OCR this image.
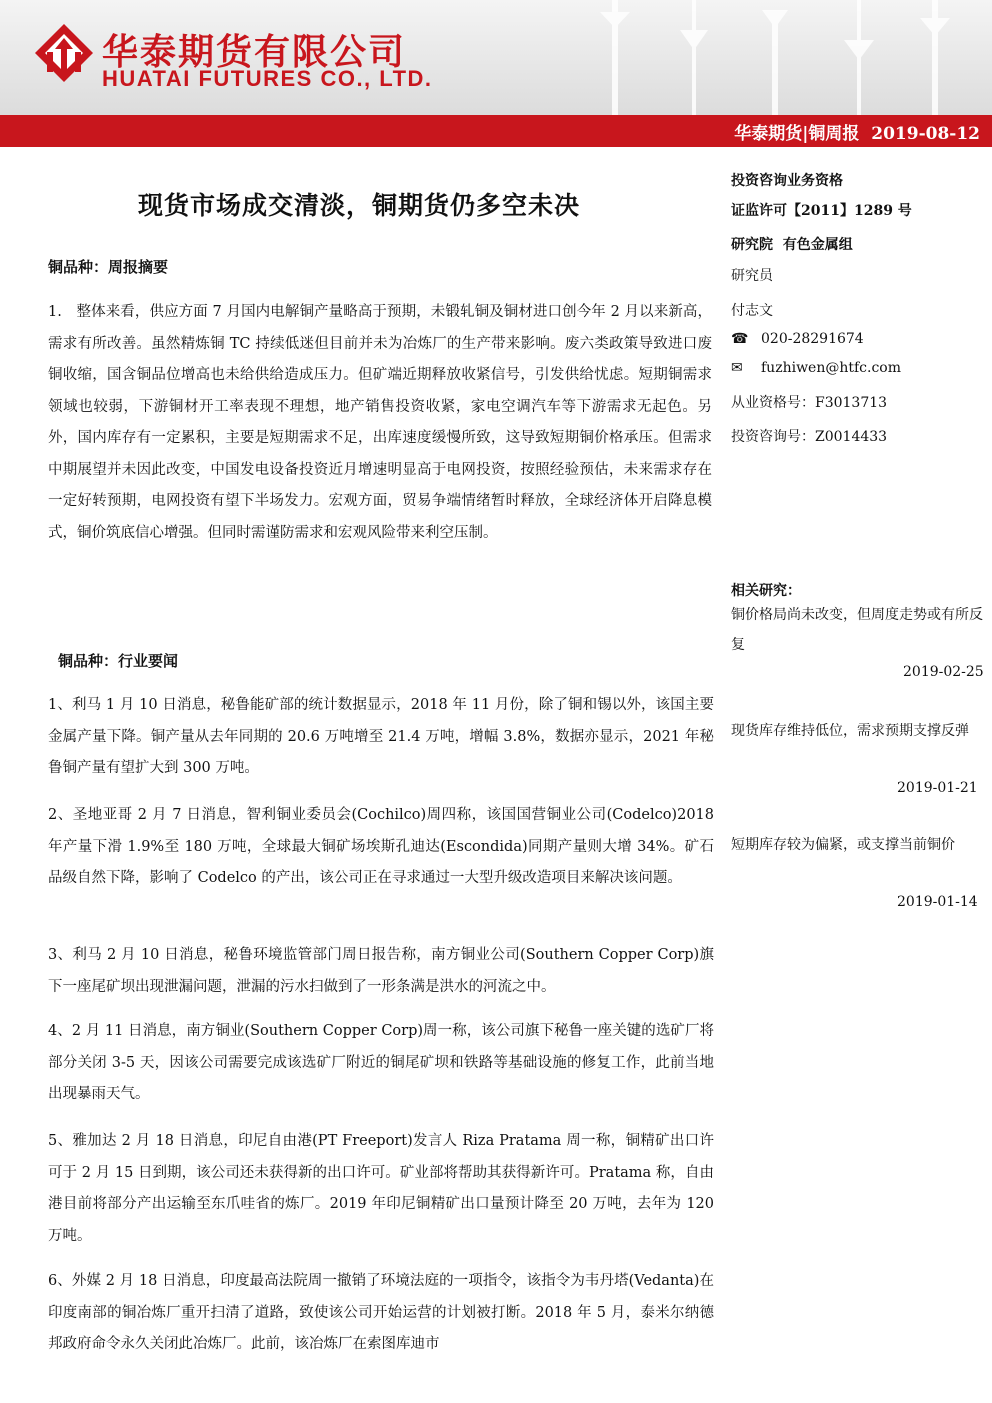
华泰期货有限公司
HUATAI FUTURES CO., LTD.
华泰期货|铜周报  2019-08-12
现货市场成交清淡，铜期货仍多空未决
铜品种：周报摘要
1.　整体来看，供应方面 7 月国内电解铜产量略高于预期，未锻轧铜及铜材进口创今年 2 月以来新高，需求有所改善。虽然精炼铜 TC 持续低迷但目前并未为冶炼厂的生产带来影响。废六类政策导致进口废铜收缩，国含铜品位增高也未给供给造成压力。但矿端近期释放收紧信号，引发供给忧虑。短期铜需求领域也较弱，下游铜材开工率表现不理想，地产销售投资收紧，家电空调汽车等下游需求无起色。另外，国内库存有一定累积，主要是短期需求不足，出库速度缓慢所致，这导致短期铜价格承压。但需求中期展望并未因此改变，中国发电设备投资近月增速明显高于电网投资，按照经验预估，未来需求存在一定好转预期，电网投资有望下半场发力。宏观方面，贸易争端情绪暂时释放，全球经济体开启降息模式，铜价筑底信心增强。但同时需谨防需求和宏观风险带来利空压制。
铜品种：行业要闻
1、利马 1 月 10 日消息，秘鲁能矿部的统计数据显示，2018 年 11 月份，除了铜和锡以外，该国主要金属产量下降。铜产量从去年同期的 20.6 万吨增至 21.4 万吨，增幅 3.8%，数据亦显示，2021 年秘鲁铜产量有望扩大到 300 万吨。
2、圣地亚哥 2 月 7 日消息，智利铜业委员会(Cochilco)周四称，该国国营铜业公司(Codelco)2018 年产量下滑 1.9%至 180 万吨，全球最大铜矿场埃斯孔迪达(Escondida)同期产量则大增 34%。矿石品级自然下降，影响了 Codelco 的产出，该公司正在寻求通过一大型升级改造项目来解决该问题。
3、利马 2 月 10 日消息，秘鲁环境监管部门周日报告称，南方铜业公司(Southern Copper Corp)旗下一座尾矿坝出现泄漏问题，泄漏的污水扫做到了一形条满是洪水的河流之中。
4、2 月 11 日消息，南方铜业(Southern Copper Corp)周一称，该公司旗下秘鲁一座关键的选矿厂将部分关闭 3-5 天，因该公司需要完成该选矿厂附近的铜尾矿坝和铁路等基础设施的修复工作，此前当地出现暴雨天气。
5、雅加达 2 月 18 日消息，印尼自由港(PT Freeport)发言人 Riza Pratama 周一称，铜精矿出口许可于 2 月 15 日到期，该公司还未获得新的出口许可。矿业部将帮助其获得新许可。Pratama 称，自由港目前将部分产出运输至东爪哇省的炼厂。2019 年印尼铜精矿出口量预计降至 20 万吨，去年为 120 万吨。
6、外媒 2 月 18 日消息，印度最高法院周一撤销了环境法庭的一项指令，该指令为韦丹塔(Vedanta)在印度南部的铜冶炼厂重开扫清了道路，致使该公司开始运营的计划被打断。2018 年 5 月，泰米尔纳德邦政府命令永久关闭此冶炼厂。此前，该冶炼厂在索图库迪市
投资咨询业务资格
证监许可【2011】1289 号
研究院  有色金属组
研究员
付志文
☎ 020-28291674
✉ fuzhiwen@htfc.com
从业资格号：F3013713
投资咨询号：Z0014433
相关研究：
铜价格局尚未改变，但周度走势或有所反复
2019-02-25
现货库存维持低位，需求预期支撑反弹
2019-01-21
短期库存较为偏紧，或支撑当前铜价
2019-01-14
